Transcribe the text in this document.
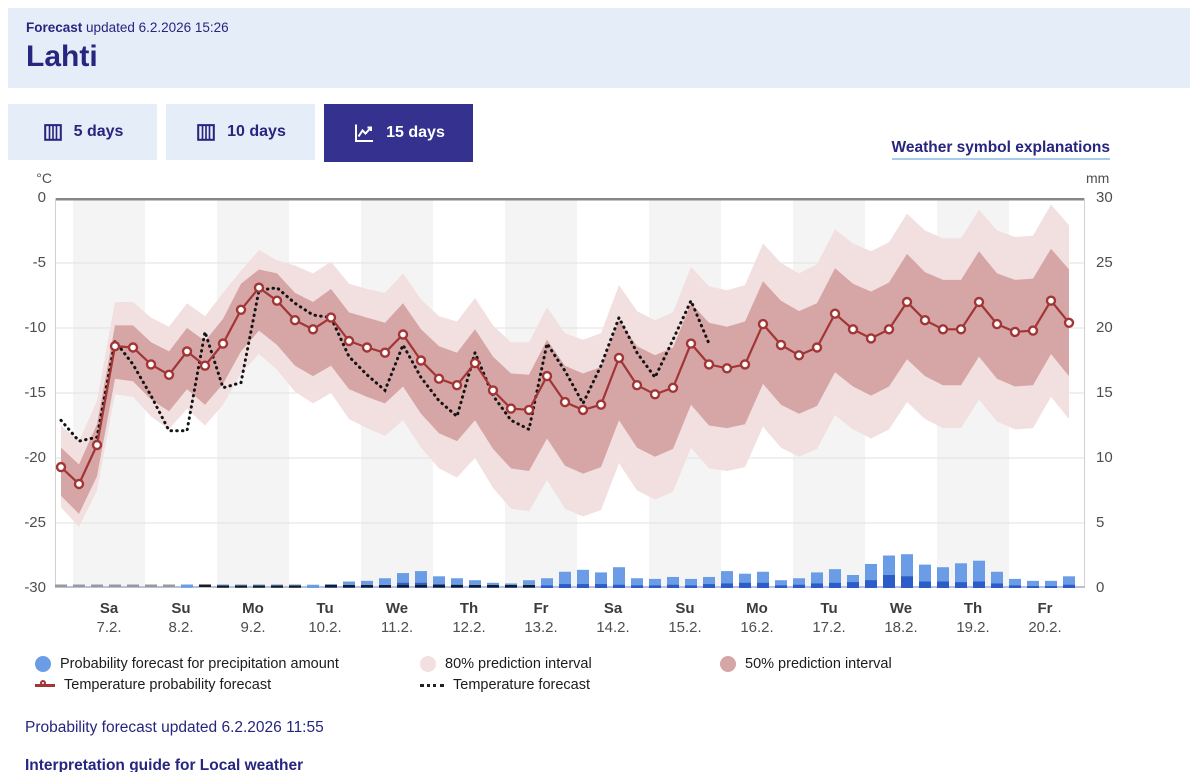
Forecast updated 6.2.2026 15:26
Lahti
5 days	10 days	15 days
Weather symbol explanations
°C	mm
0
-5
-10
-15
-20
-25
-30
30
25
20
15
10
5
0
Sa
7.2.
Su
8.2.
Mo
9.2.
Tu
10.2.
We
11.2.
Th
12.2.
Fr
13.2.
Sa
14.2.
Su
15.2.
Mo
16.2.
Tu
17.2.
We
18.2.
Th
19.2.
Fr
20.2.
Probability forecast for precipitation amount	80% prediction interval	50% prediction interval
Temperature probability forecast	Temperature forecast
Probability forecast updated 6.2.2026 11:55
Interpretation guide for Local weather
